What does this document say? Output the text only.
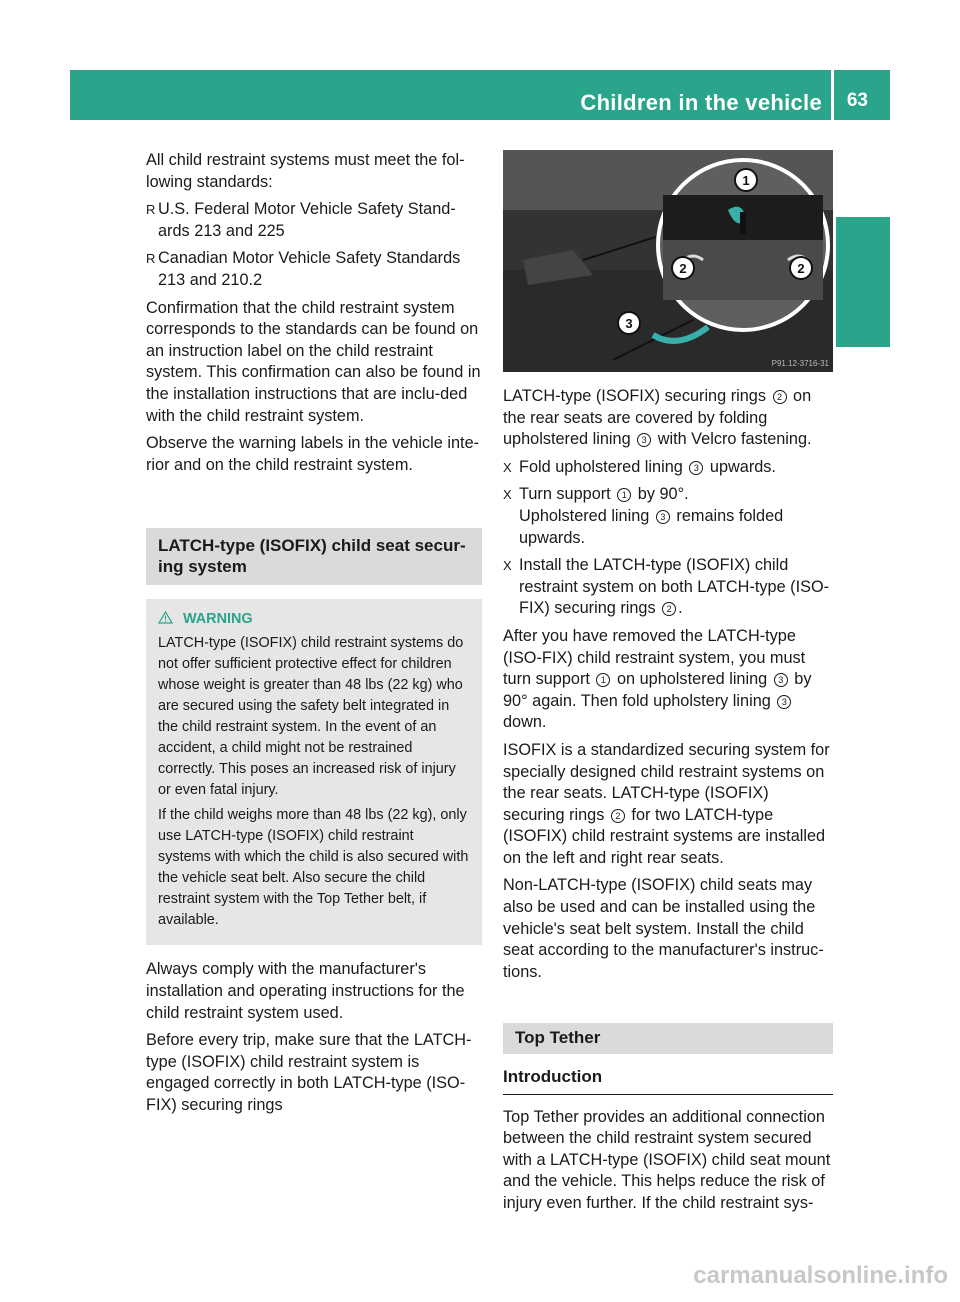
Children in the vehicle 63
Safety

All child restraint systems must meet the fol-lowing standards:

R U.S. Federal Motor Vehicle Safety Stand-ards 213 and 225
R Canadian Motor Vehicle Safety Standards 213 and 210.2

Confirmation that the child restraint system corresponds to the standards can be found on an instruction label on the child restraint system. This confirmation can also be found in the installation instructions that are inclu-ded with the child restraint system.

Observe the warning labels in the vehicle inte-rior and on the child restraint system.

LATCH-type (ISOFIX) child seat secur-ing system
WARNING

LATCH-type (ISOFIX) child restraint systems do not offer sufficient protective effect for children whose weight is greater than 48 lbs (22 kg) who are secured using the safety belt integrated in the child restraint system. In the event of an accident, a child might not be restrained correctly. This poses an increased risk of injury or even fatal injury.

If the child weighs more than 48 lbs (22 kg), only use LATCH-type (ISOFIX) child restraint systems with which the child is also secured with the vehicle seat belt. Also secure the child restraint system with the Top Tether belt, if available.

Always comply with the manufacturer's installation and operating instructions for the child restraint system used.

Before every trip, make sure that the LATCH-type (ISOFIX) child restraint system is engaged correctly in both LATCH-type (ISO-FIX) securing rings

1
2	2
3
P91.12-3716-31

LATCH-type (ISOFIX) securing rings 2 on the rear seats are covered by folding upholstered lining 3 with Velcro fastening.

X Fold upholstered lining 3 upwards.
X Turn support 1 by 90°.
Upholstered lining 3 remains folded upwards.
X Install the LATCH-type (ISOFIX) child restraint system on both LATCH-type (ISO-FIX) securing rings 2 .

After you have removed the LATCH-type (ISO-FIX) child restraint system, you must turn support 1 on upholstered lining 3 by 90° again. Then fold upholstery lining 3 down.

ISOFIX is a standardized securing system for specially designed child restraint systems on the rear seats. LATCH-type (ISOFIX) securing rings 2 for two LATCH-type (ISOFIX) child restraint systems are installed on the left and right rear seats.

Non-LATCH-type (ISOFIX) child seats may also be used and can be installed using the vehicle's seat belt system. Install the child seat according to the manufacturer's instruc-tions.

Top Tether
Introduction

Top Tether provides an additional connection between the child restraint system secured with a LATCH-type (ISOFIX) child seat mount and the vehicle. This helps reduce the risk of injury even further. If the child restraint sys-

carmanualsonline.info
